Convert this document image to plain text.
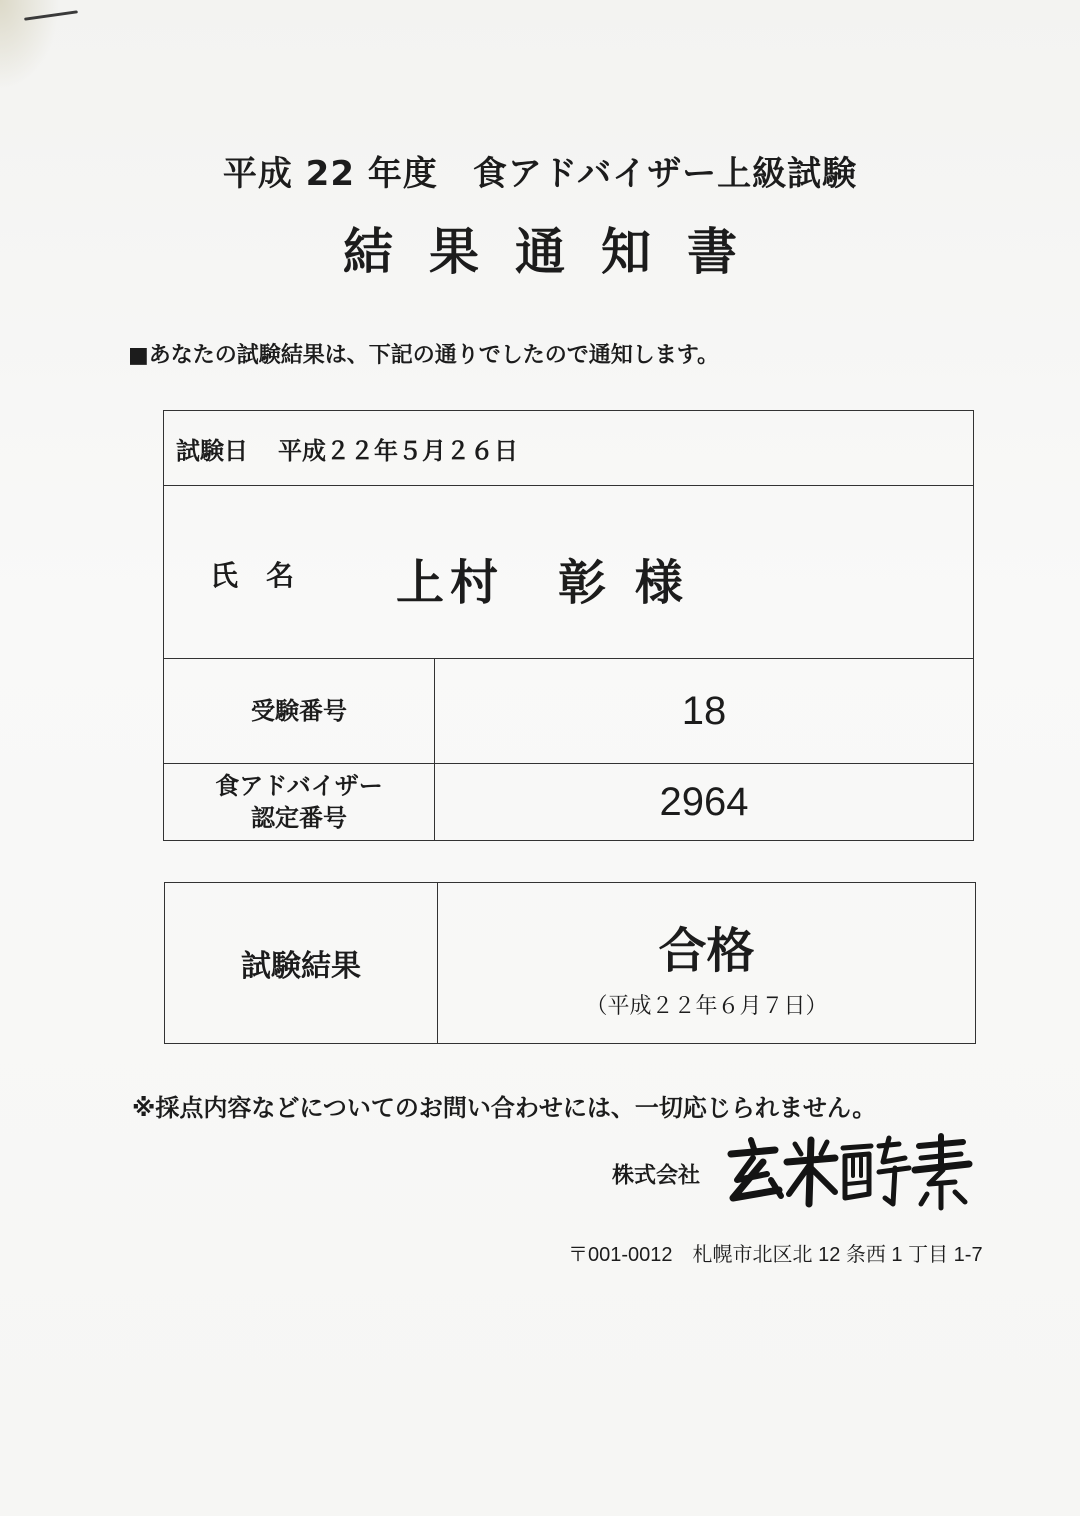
平成 22 年度　食アドバイザー上級試験
結果通知書
■あなたの試験結果は、下記の通りでしたので通知します。
試験日 平成２２年５月２６日	

氏名 上村　彰 様	

受験番号	18

食アドバイザー
認定番号	2964
試験結果	合格
（平成２２年６月７日）
※採点内容などについてのお問い合わせには、一切応じられません。
株式会社
〒001-0012　札幌市北区北 12 条西 1 丁目 1-7
